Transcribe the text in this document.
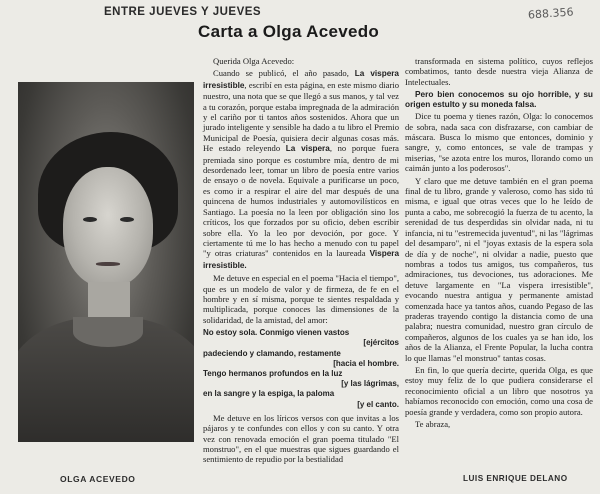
ENTRE JUEVES Y JUEVES	688.356
Carta a Olga Acevedo
OLGA ACEVEDO

Querida Olga Acevedo:

Cuando se publicó, el año pasado, La vispera irresistible, escribí en esta página, en este mismo diario nuestro, una nota que se que llegó a sus manos, y tal vez a tu corazón, porque estaba impregnada de la admiración y el cariño por ti tantos años sostenidos. Ahora que un jurado inteligente y sensible ha dado a tu libro el Premio Municipal de Poesía, quisiera decir algunas cosas más. He estado releyendo La vispera, no porque fuera premiada sino porque es costumbre mía, dentro de mi desordenado leer, tomar un libro de poesía entre varios de ensayo o de novela. Equivale a purificarse un poco, es como ir a respirar el aire del mar después de una quincena de humos industriales y automovilísticos en Santiago. La poesía no la leen por obligación sino los críticos, los que forzados por su oficio, deben escribir sobre ella. Yo la leo por devoción, por goce. Y ciertamente tú me lo has hecho a menudo con tu papel "y otras criaturas" contenidos en la laureada Vispera irresistible.

Me detuve en especial en el poema "Hacia el tiempo", que es un modelo de valor y de firmeza, de fe en el hombre y en sí misma, porque te sientes respaldada y multiplicada, porque conoces las dimensiones de la solidaridad, de la amistad, del amor:

No estoy sola. Conmigo vienen vastos
[ejércitos
padeciendo y clamando, restamente
[hacia el hombre.
Tengo hermanos profundos en la luz
[y las lágrimas,
en la sangre y la espiga, la paloma
[y el canto.

Me detuve en los líricos versos con que invitas a los pájaros y te confundes con ellos y con su canto. Y otra vez con renovada emoción el gran poema titulado "El monstruo", en el que muestras que sigues guardando el sentimiento de repudio por la bestialidad

transformada en sistema político, cuyos reflejos combatimos, tanto desde nuestra vieja Alianza de Intelectuales.

Pero bien conocemos su ojo horrible, y su origen estulto y su moneda falsa.

Dice tu poema y tienes razón, Olga: lo conocemos de sobra, nada saca con disfrazarse, con cambiar de máscara. Busca lo mismo que entonces, dominio y sangre, y, como entonces, se vale de trampas y miserias, "se azota entre los muros, llorando como un caimán junto a los poderosos".

Y claro que me detuve también en el gran poema final de tu libro, grande y valeroso, como has sido tú misma, e igual que otras veces que lo he leído de punta a cabo, me sobrecogió la fuerza de tu acento, la serenidad de tus desperdidas sin olvidar nada, ni tu infancia, ni tu "estremecida juventud", ni las "lágrimas del desamparo", ni el "joyas extasis de la espera sola de día y de noche", ni olvidar a nadie, puesto que nombras a todos tus amigos, tus compañeros, tus admiraciones, tus devociones, tus adoraciones. Me detuve largamente en "La vispera irresistible", evocando nuestra antigua y permanente amistad comenzada hace ya tantos años, cuando Pegaso de las praderas trayendo contigo la distancia como de una palabra; nuestra comunidad, nuestro gran círculo de compañeros, algunos de los cuales ya se han ido, los años de la Alianza, el Frente Popular, la lucha contra lo que llamas "el monstruo" tantas cosas.

En fin, lo que quería decirte, querida Olga, es que estoy muy feliz de lo que pudiera considerarse el reconocimiento oficial a un libro que nosotros ya habíamos reconocido con emoción, como una cosa de poesía grande y verdadera, como son propio autora.

Te abraza,

LUIS ENRIQUE DELANO
